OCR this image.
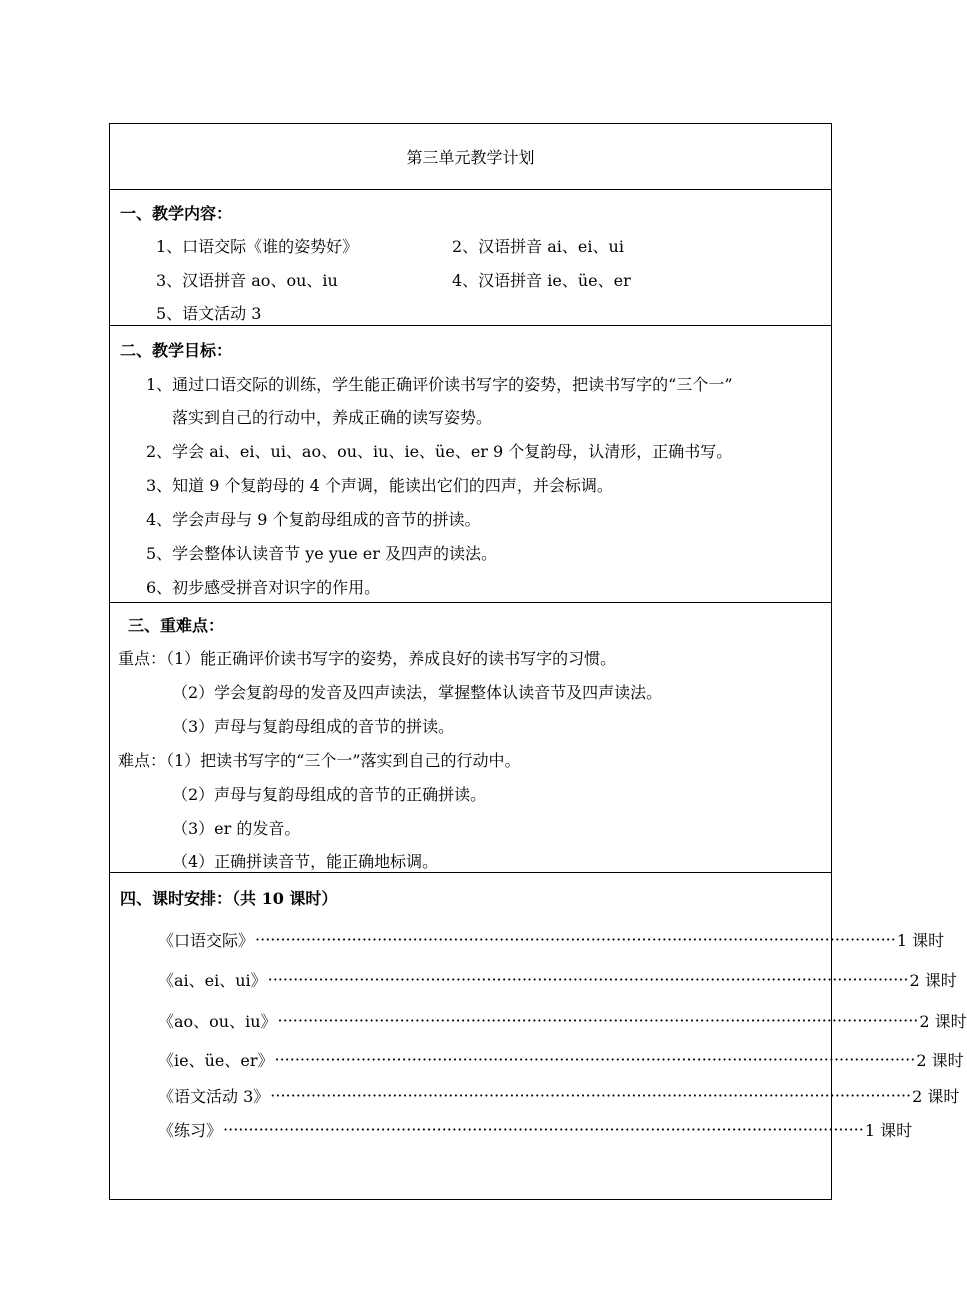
第三单元教学计划
一、教学内容：
1、口语交际《谁的姿势好》	2、汉语拼音 ai、ei、ui
3、汉语拼音 ao、ou、iu	4、汉语拼音 ie、üe、er
5、语文活动 3
二、教学目标：
1、通过口语交际的训练，学生能正确评价读书写字的姿势，把读书写字的“三个一”
落实到自己的行动中，养成正确的读写姿势。
2、学会 ai、ei、ui、ao、ou、iu、ie、üe、er 9 个复韵母，认清形，正确书写。
3、知道 9 个复韵母的 4 个声调，能读出它们的四声，并会标调。
4、学会声母与 9 个复韵母组成的音节的拼读。
5、学会整体认读音节 ye yue er 及四声的读法。
6、初步感受拼音对识字的作用。
三、重难点：
重点：（1）能正确评价读书写字的姿势，养成良好的读书写字的习惯。
（2）学会复韵母的发音及四声读法，掌握整体认读音节及四声读法。
（3）声母与复韵母组成的音节的拼读。
难点：（1）把读书写字的“三个一”落实到自己的行动中。
（2）声母与复韵母组成的音节的正确拼读。
（3）er 的发音。
（4）正确拼读音节，能正确地标调。
四、课时安排：（共 10 课时）
《口语交际》 ······························································································································ 1 课时
《ai、ei、ui》 ······························································································································ 2 课时
《ao、ou、iu》 ······························································································································ 2 课时
《ie、üe、er》 ······························································································································ 2 课时
《语文活动 3》 ······························································································································ 2 课时
《练习》 ······························································································································ 1 课时
